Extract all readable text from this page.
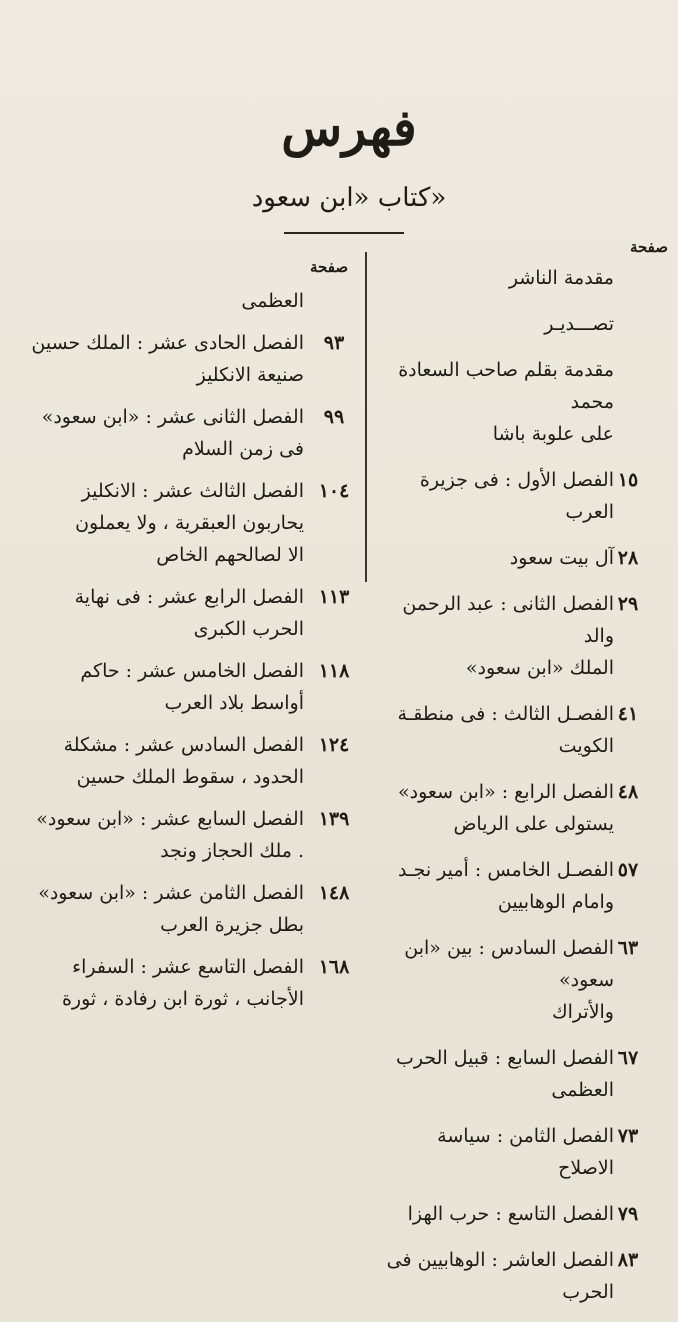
فهرس
كتاب «ابن سعود»
صفحة
صفحة	مقدمة الناشر
تصـــديـر
مقدمة بقلم صاحب السعادة محمد
على علوبة باشا
١٥
الفصل الأول : فى جزيرة العرب
٢٨
آل بيت سعود
٢٩
الفصل الثانى : عبد الرحمن والد
الملك «ابن سعود»
٤١
الفصـل الثالث : فى منطقـة
الكويت
٤٨
الفصل الرابع : «ابن سعود»
يستولى على الرياض
٥٧
الفصـل الخامس : أمير نجـد
وامام الوهابيين
٦٣
الفصل السادس : بين «ابن سعود»
والأتراك
٦٧
الفصل السابع : قبيل الحرب العظمى
٧٣
الفصل الثامن : سياسة الاصلاح
٧٩
الفصل التاسع : حرب الهزا
٨٣
الفصل العاشر : الوهابيين فى الحرب
العظمى
٩٣
الفصل الحادى عشر : الملك حسين
صنيعة الانكليز
٩٩
الفصل الثانى عشر : «ابن سعود»
فى زمن السلام
١٠٤
الفصل الثالث عشر : الانكليز
يحاربون العبقرية ، ولا يعملون
الا لصالحهم الخاص
١١٣
الفصل الرابع عشر : فى نهاية
الحرب الكبرى
١١٨
الفصل الخامس عشر : حاكم
أواسط بلاد العرب
١٢٤
الفصل السادس عشر : مشكلة
الحدود ، سقوط الملك حسين
١٣٩
الفصل السابع عشر : «ابن سعود»
. ملك الحجاز ونجد
١٤٨
الفصل الثامن عشر : «ابن سعود»
بطل جزيرة العرب
١٦٨
الفصل التاسع عشر : السفراء
الأجانب ، ثورة ابن رفادة ، ثورة
